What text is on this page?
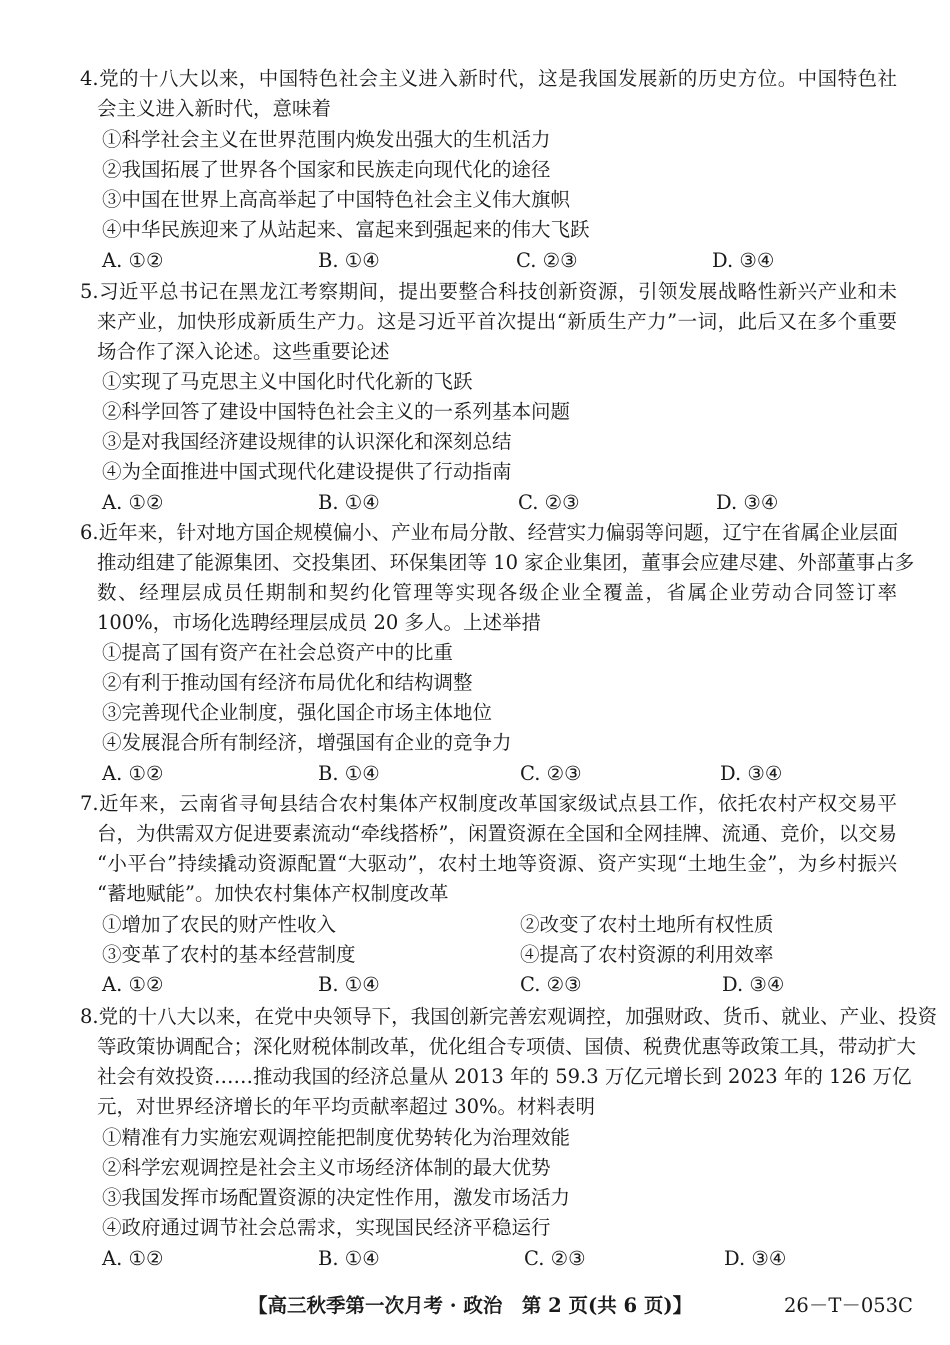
4.党的十八大以来，中国特色社会主义进入新时代，这是我国发展新的历史方位。中国特色社
会主义进入新时代，意味着
①科学社会主义在世界范围内焕发出强大的生机活力
②我国拓展了世界各个国家和民族走向现代化的途径
③中国在世界上高高举起了中国特色社会主义伟大旗帜
④中华民族迎来了从站起来、富起来到强起来的伟大飞跃
A. ①②	B. ①④	C. ②③	D. ③④
5.习近平总书记在黑龙江考察期间，提出要整合科技创新资源，引领发展战略性新兴产业和未
来产业，加快形成新质生产力。这是习近平首次提出“新质生产力”一词，此后又在多个重要
场合作了深入论述。这些重要论述
①实现了马克思主义中国化时代化新的飞跃
②科学回答了建设中国特色社会主义的一系列基本问题
③是对我国经济建设规律的认识深化和深刻总结
④为全面推进中国式现代化建设提供了行动指南
A. ①②	B. ①④	C. ②③	D. ③④
6.近年来，针对地方国企规模偏小、产业布局分散、经营实力偏弱等问题，辽宁在省属企业层面
推动组建了能源集团、交投集团、环保集团等 10 家企业集团，董事会应建尽建、外部董事占多
数、经理层成员任期制和契约化管理等实现各级企业全覆盖，省属企业劳动合同签订率
100%，市场化选聘经理层成员 20 多人。上述举措
①提高了国有资产在社会总资产中的比重
②有利于推动国有经济布局优化和结构调整
③完善现代企业制度，强化国企市场主体地位
④发展混合所有制经济，增强国有企业的竞争力
A. ①②	B. ①④	C. ②③	D. ③④
7.近年来，云南省寻甸县结合农村集体产权制度改革国家级试点县工作，依托农村产权交易平
台，为供需双方促进要素流动“牵线搭桥”，闲置资源在全国和全网挂牌、流通、竞价，以交易
“小平台”持续撬动资源配置“大驱动”，农村土地等资源、资产实现“土地生金”，为乡村振兴
“蓄地赋能”。加快农村集体产权制度改革
①增加了农民的财产性收入	②改变了农村土地所有权性质
③变革了农村的基本经营制度	④提高了农村资源的利用效率
A. ①②	B. ①④	C. ②③	D. ③④
8.党的十八大以来，在党中央领导下，我国创新完善宏观调控，加强财政、货币、就业、产业、投资
等政策协调配合；深化财税体制改革，优化组合专项债、国债、税费优惠等政策工具，带动扩大
社会有效投资……推动我国的经济总量从 2013 年的 59.3 万亿元增长到 2023 年的 126 万亿
元，对世界经济增长的年平均贡献率超过 30%。材料表明
①精准有力实施宏观调控能把制度优势转化为治理效能
②科学宏观调控是社会主义市场经济体制的最大优势
③我国发挥市场配置资源的决定性作用，激发市场活力
④政府通过调节社会总需求，实现国民经济平稳运行
A. ①②	B. ①④	C. ②③	D. ③④
【高三秋季第一次月考 · 政治　第 2 页(共 6 页)】	26－T－053C
